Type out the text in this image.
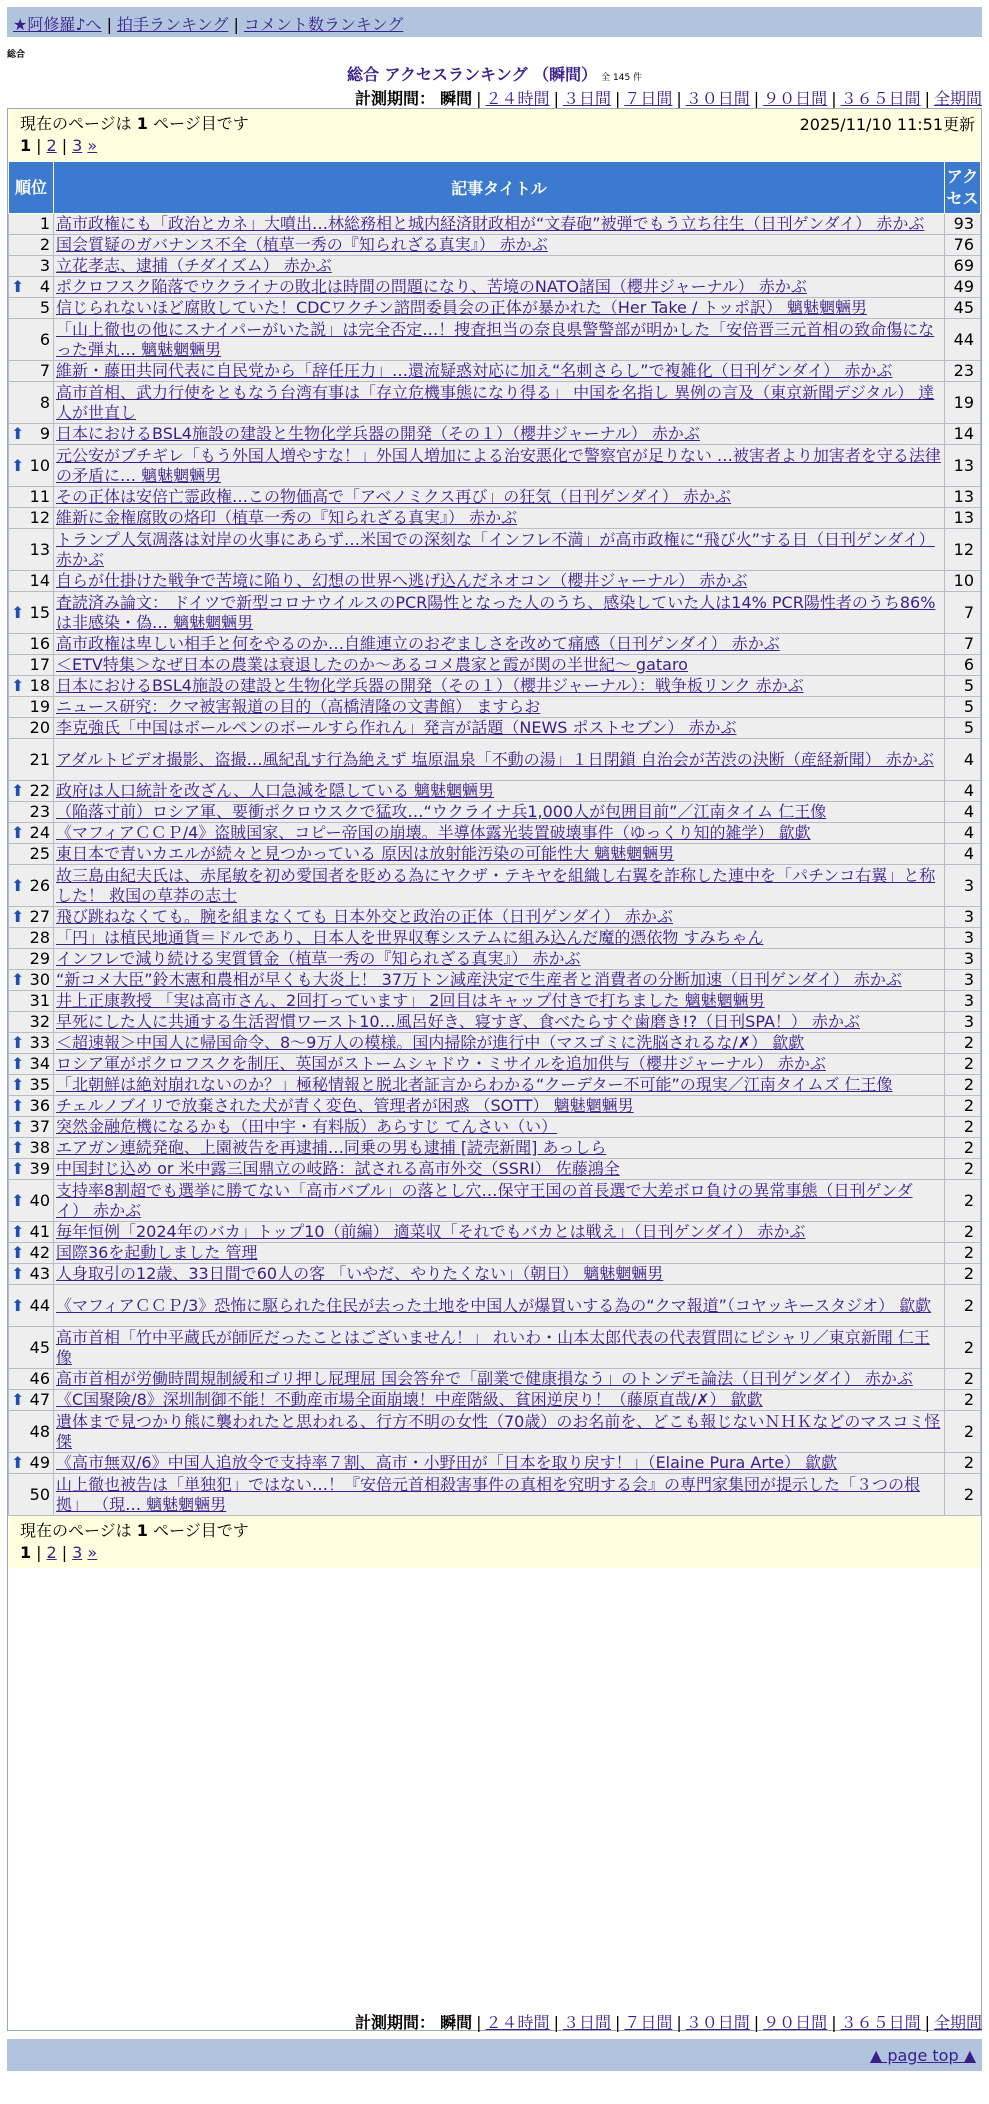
★阿修羅♪へ | 拍手ランキング | コメント数ランキング
総合
総合 アクセスランキング （瞬間） 全 145 件
計測期間： 瞬間 | ２４時間 | ３日間 | ７日間 | ３０日間 | ９０日間 | ３６５日間 | 全期間
現在のページは 1 ページ目です	2025/11/10 11:51更新
1 | 2 | 3 »
順位	記事タイトル	アクセス
1	高市政権にも「政治とカネ」大噴出…林総務相と城内経済財政相が“文春砲”被弾でもう立ち往生（日刊ゲンダイ） 赤かぶ	93
2	国会質疑のガバナンス不全（植草一秀の『知られざる真実』） 赤かぶ	76
3	立花孝志、逮捕（チダイズム） 赤かぶ	69

⬆ 4	ポクロフスク陥落でウクライナの敗北は時間の問題になり、苦境のNATO諸国（櫻井ジャーナル） 赤かぶ	49
5	信じられないほど腐敗していた！CDCワクチン諮問委員会の正体が暴かれた（Her Take / トッポ訳） 魑魅魍魎男	45
6	「山上徹也の他にスナイパーがいた説」は完全否定…！捜査担当の奈良県警警部が明かした「安倍晋三元首相の致命傷になった弾丸… 魑魅魍魎男	44
7	維新・藤田共同代表に自民党から「辞任圧力」…還流疑惑対応に加え“名刺さらし”で複雑化（日刊ゲンダイ） 赤かぶ	23
8	高市首相、武力行使をともなう台湾有事は「存立危機事態になり得る」 中国を名指し 異例の言及（東京新聞デジタル） 達人が世直し	19

⬆ 9	日本におけるBSL4施設の建設と生物化学兵器の開発（その１）（櫻井ジャーナル） 赤かぶ	14

⬆ 10	元公安がブチギレ「もう外国人増やすな！」外国人増加による治安悪化で警察官が足りない …被害者より加害者を守る法律の矛盾に… 魑魅魍魎男	13
11	その正体は安倍亡霊政権…この物価高で「アベノミクス再び」の狂気（日刊ゲンダイ） 赤かぶ	13
12	維新に金権腐敗の烙印（植草一秀の『知られざる真実』） 赤かぶ	13
13	トランプ人気凋落は対岸の火事にあらず…米国での深刻な「インフレ不満」が高市政権に“飛び火”する日（日刊ゲンダイ） 赤かぶ	12
14	自らが仕掛けた戦争で苦境に陥り、幻想の世界へ逃げ込んだネオコン（櫻井ジャーナル） 赤かぶ	10

⬆ 15	査読済み論文： ドイツで新型コロナウイルスのPCR陽性となった人のうち、感染していた人は14% PCR陽性者のうち86%は非感染・偽… 魑魅魍魎男	7
16	高市政権は卑しい相手と何をやるのか…自維連立のおぞましさを改めて痛感（日刊ゲンダイ） 赤かぶ	7
17	＜ETV特集＞なぜ日本の農業は衰退したのか～あるコメ農家と霞が関の半世紀～ gataro	6

⬆ 18	日本におけるBSL4施設の建設と生物化学兵器の開発（その１）（櫻井ジャーナル）：戦争板リンク 赤かぶ	5
19	ニュース研究：クマ被害報道の目的（高橋清隆の文書館） ますらお	5
20	李克強氏「中国はボールペンのボールすら作れん」発言が話題（NEWS ポストセブン） 赤かぶ	5
21	アダルトビデオ撮影、盗撮…風紀乱す行為絶えず 塩原温泉「不動の湯」１日閉鎖 自治会が苦渋の決断（産経新聞） 赤かぶ	4

⬆ 22	政府は人口統計を改ざん、人口急減を隠している 魑魅魍魎男	4
23	（陥落寸前）ロシア軍、要衝ポクロウスクで猛攻…“ウクライナ兵1,000人が包囲目前”／江南タイム 仁王像	4

⬆ 24	《マフィアＣＣＰ/4》盗賊国家、コピー帝国の崩壊。半導体露光装置破壊事件（ゆっくり知的雑学） 歙歔	4
25	東日本で青いカエルが続々と見つかっている 原因は放射能汚染の可能性大 魑魅魍魎男	4

⬆ 26	故三島由紀夫氏は、赤尾敏を初め愛国者を貶める為にヤクザ・テキヤを組織し右翼を詐称した連中を「パチンコ右翼」と称した！ 救国の草莽の志士	3

⬆ 27	飛び跳ねなくても。腕を組まなくても 日本外交と政治の正体（日刊ゲンダイ） 赤かぶ	3
28	「円」は植民地通貨＝ドルであり、日本人を世界収奪システムに組み込んだ魔的憑依物 すみちゃん	3
29	インフレで減り続ける実質賃金（植草一秀の『知られざる真実』） 赤かぶ	3

⬆ 30	“新コメ大臣”鈴木憲和農相が早くも大炎上！ 37万トン減産決定で生産者と消費者の分断加速（日刊ゲンダイ） 赤かぶ	3
31	井上正康教授 「実は高市さん、2回打っています」 2回目はキャップ付きで打ちました 魑魅魍魎男	3
32	早死にした人に共通する生活習慣ワースト10…風呂好き、寝すぎ、食べたらすぐ歯磨き!?（日刊SPA！） 赤かぶ	3

⬆ 33	＜超速報＞中国人に帰国命令、8～9万人の模様。国内掃除が進行中（マスゴミに洗脳されるな/✗） 歙歔	2

⬆ 34	ロシア軍がポクロフスクを制圧、英国がストームシャドウ・ミサイルを追加供与（櫻井ジャーナル） 赤かぶ	2

⬆ 35	「北朝鮮は絶対崩れないのか？」極秘情報と脱北者証言からわかる“クーデター不可能”の現実／江南タイムズ 仁王像	2

⬆ 36	チェルノブイリで放棄された犬が青く変色、管理者が困惑 （SOTT） 魑魅魍魎男	2

⬆ 37	突然金融危機になるかも（田中宇・有料版）あらすじ てんさい（い）	2

⬆ 38	エアガン連続発砲、上園被告を再逮捕…同乗の男も逮捕 [読売新聞] あっしら	2

⬆ 39	中国封じ込め or 米中露三国鼎立の岐路：試される高市外交（SSRI） 佐藤鴻全	2

⬆ 40	支持率8割超でも選挙に勝てない「高市バブル」の落とし穴…保守王国の首長選で大差ボロ負けの異常事態（日刊ゲンダイ） 赤かぶ	2

⬆ 41	毎年恒例「2024年のバカ」トップ10（前編） 適菜収「それでもバカとは戦え」（日刊ゲンダイ） 赤かぶ	2

⬆ 42	国際36を起動しました 管理	2

⬆ 43	人身取引の12歳、33日間で60人の客 「いやだ、やりたくない」（朝日） 魑魅魍魎男	2

⬆ 44	《マフィアＣＣＰ/3》恐怖に駆られた住民が去った土地を中国人が爆買いする為の“クマ報道”（コヤッキースタジオ） 歙歔	2
45	高市首相「竹中平蔵氏が師匠だったことはございません！」 れいわ・山本太郎代表の代表質問にピシャリ／東京新聞 仁王像	2
46	高市首相が労働時間規制緩和ゴリ押し屁理屈 国会答弁で「副業で健康損なう」のトンデモ論法（日刊ゲンダイ） 赤かぶ	2

⬆ 47	《C国聚険/8》深圳制御不能！不動産市場全面崩壊！中産階級、貧困逆戻り！（藤原直哉/✗） 歙歔	2
48	遺体まで見つかり熊に襲われたと思われる、行方不明の女性（70歳）のお名前を、どこも報じないＮＨＫなどのマスコミ怪傑	2

⬆ 49	《高市無双/6》中国人追放令で支持率７割、高市・小野田が「日本を取り戻す！」（Elaine Pura Arte） 歙歔	2
50	山上徹也被告は「単独犯」ではない…！『安倍元首相殺害事件の真相を究明する会』の専門家集団が提示した「３つの根拠」 （現… 魑魅魍魎男	2
現在のページは 1 ページ目です
1 | 2 | 3 »
計測期間： 瞬間 | ２４時間 | ３日間 | ７日間 | ３０日間 | ９０日間 | ３６５日間 | 全期間
▲ page top ▲
